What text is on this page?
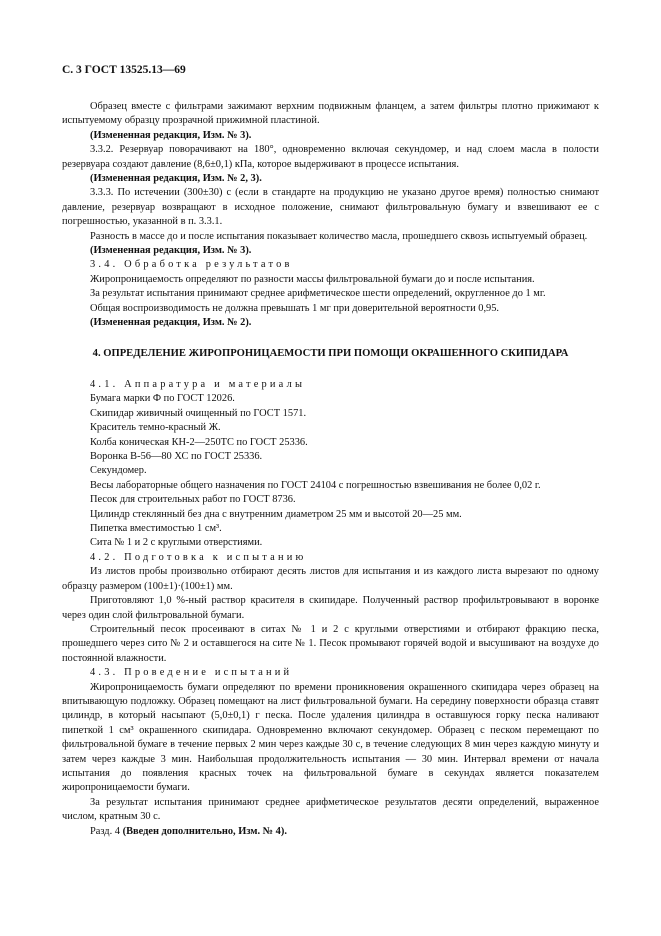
С. 3 ГОСТ 13525.13—69

Образец вместе с фильтрами зажимают верхним подвижным фланцем, а затем фильтры плотно прижимают к испытуемому образцу прозрачной прижимной пластиной.

(Измененная редакция, Изм. № 3).

3.3.2. Резервуар поворачивают на 180°, одновременно включая секундомер, и над слоем масла в полости резервуара создают давление (8,6±0,1) кПа, которое выдерживают в процессе испытания.

(Измененная редакция, Изм. № 2, 3).

3.3.3. По истечении (300±30) с (если в стандарте на продукцию не указано другое время) полностью снимают давление, резервуар возвращают в исходное положение, снимают фильтровальную бумагу и взвешивают ее с погрешностью, указанной в п. 3.3.1.

Разность в массе до и после испытания показывает количество масла, прошедшего сквозь испытуемый образец.

(Измененная редакция, Изм. № 3).

3.4. Обработка результатов

Жиропроницаемость определяют по разности массы фильтровальной бумаги до и после испытания.

За результат испытания принимают среднее арифметическое шести определений, округленное до 1 мг.

Общая воспроизводимость не должна превышать 1 мг при доверительной вероятности 0,95.

(Измененная редакция, Изм. № 2).

4. ОПРЕДЕЛЕНИЕ ЖИРОПРОНИЦАЕМОСТИ ПРИ ПОМОЩИ ОКРАШЕННОГО СКИПИДАРА

4.1. Аппаратура и материалы

Бумага марки Ф по ГОСТ 12026.

Скипидар живичный очищенный по ГОСТ 1571.

Краситель темно-красный Ж.

Колба коническая КН-2—250ТС по ГОСТ 25336.

Воронка В-56—80 ХС по ГОСТ 25336.

Секундомер.

Весы лабораторные общего назначения по ГОСТ 24104 с погрешностью взвешивания не более 0,02 г.

Песок для строительных работ по ГОСТ 8736.

Цилиндр стеклянный без дна с внутренним диаметром 25 мм и высотой 20—25 мм.

Пипетка вместимостью 1 см³.

Сита № 1 и 2 с круглыми отверстиями.

4.2. Подготовка к испытанию

Из листов пробы произвольно отбирают десять листов для испытания и из каждого листа вырезают по одному образцу размером (100±1)·(100±1) мм.

Приготовляют 1,0 %-ный раствор красителя в скипидаре. Полученный раствор профильтровывают в воронке через один слой фильтровальной бумаги.

Строительный песок просеивают в ситах № 1 и 2 с круглыми отверстиями и отбирают фракцию песка, прошедшего через сито № 2 и оставшегося на сите № 1. Песок промывают горячей водой и высушивают на воздухе до постоянной влажности.

4.3. Проведение испытаний

Жиропроницаемость бумаги определяют по времени проникновения окрашенного скипидара через образец на впитывающую подложку. Образец помещают на лист фильтровальной бумаги. На середину поверхности образца ставят цилиндр, в который насыпают (5,0±0,1) г песка. После удаления цилиндра в оставшуюся горку песка наливают пипеткой 1 см³ окрашенного скипидара. Одновременно включают секундомер. Образец с песком перемещают по фильтровальной бумаге в течение первых 2 мин через каждые 30 с, в течение следующих 8 мин через каждую минуту и затем через каждые 3 мин. Наибольшая продолжительность испытания — 30 мин. Интервал времени от начала испытания до появления красных точек на фильтровальной бумаге в секундах является показателем жиропроницаемости бумаги.

За результат испытания принимают среднее арифметическое результатов десяти определений, выраженное числом, кратным 30 с.

Разд. 4 (Введен дополнительно, Изм. № 4).
